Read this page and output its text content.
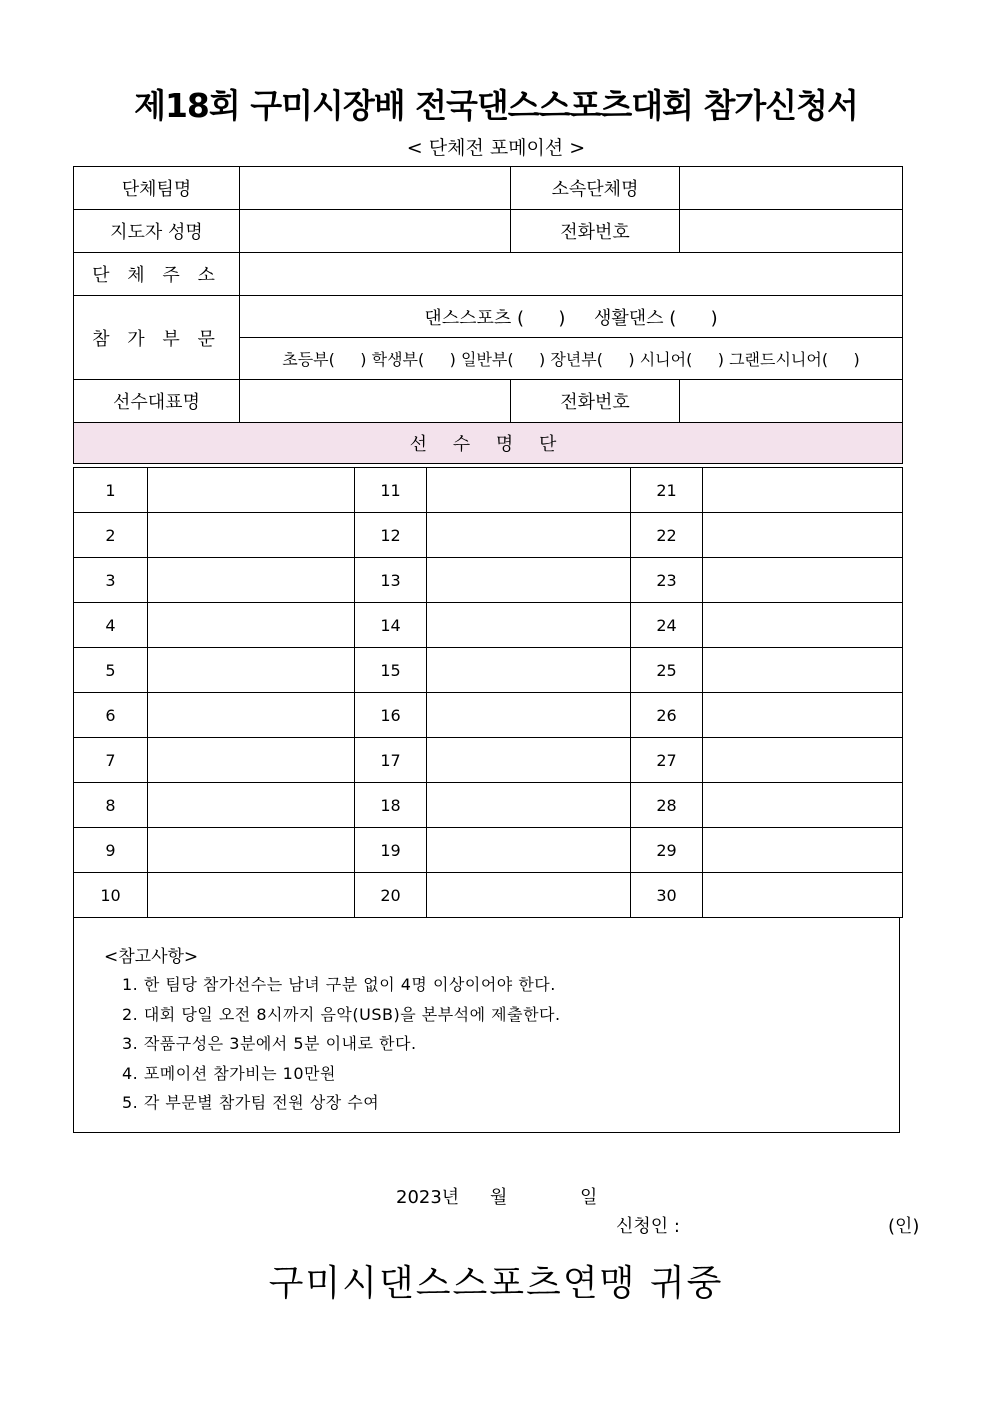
제18회 구미시장배 전국댄스스포츠대회 참가신청서
< 단체전 포메이션 >
단체팀명		소속단체명	
지도자 성명		전화번호	
단 체 주 소			
참 가 부 문	댄스스포츠 (      )     생활댄스 (      )		
	초등부(     ) 학생부(     ) 일반부(     ) 장년부(     ) 시니어(     ) 그랜드시니어(     )		
선수대표명		전화번호	
선 수 명 단			
1		11		21	
2		12		22	
3		13		23	
4		14		24	
5		15		25	
6		16		26	
7		17		27	
8		18		28	
9		19		29	
10		20		30	
<참고사항>
1. 한 팀당 참가선수는 남녀 구분 없이 4명 이상이어야 한다.
2. 대회 당일 오전 8시까지 음악(USB)을 본부석에 제출한다.
3. 작품구성은 3분에서 5분 이내로 한다.
4. 포메이션 참가비는 10만원
5. 각 부문별 참가팀 전원 상장 수여
2023년 월	일
신청인 :	(인)
구미시댄스스포츠연맹 귀중
